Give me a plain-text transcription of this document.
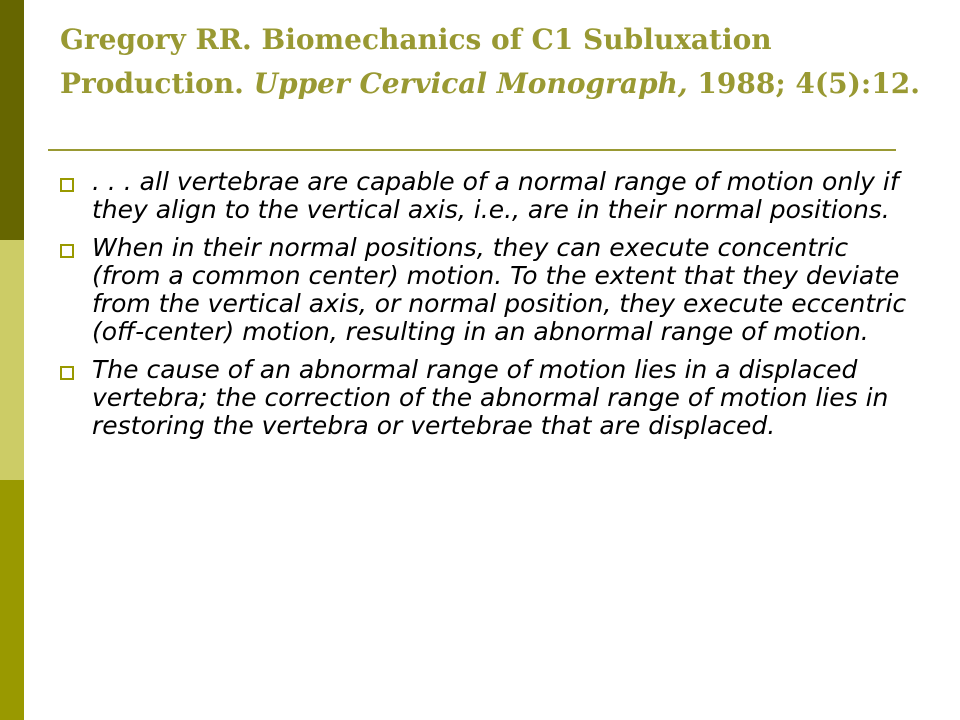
Gregory RR. Biomechanics of C1 Subluxation Production. Upper Cervical Monograph, 1988; 4(5):12.
. . . all vertebrae are capable of a normal range of motion only if they align to the vertical axis, i.e., are in their normal positions.
When in their normal positions, they can execute concentric (from a common center) motion. To the extent that they deviate from the vertical axis, or normal position, they execute eccentric (off-center) motion, resulting in an abnormal range of motion.
The cause of an abnormal range of motion lies in a displaced vertebra; the correction of the abnormal range of motion lies in restoring the vertebra or vertebrae that are displaced.
